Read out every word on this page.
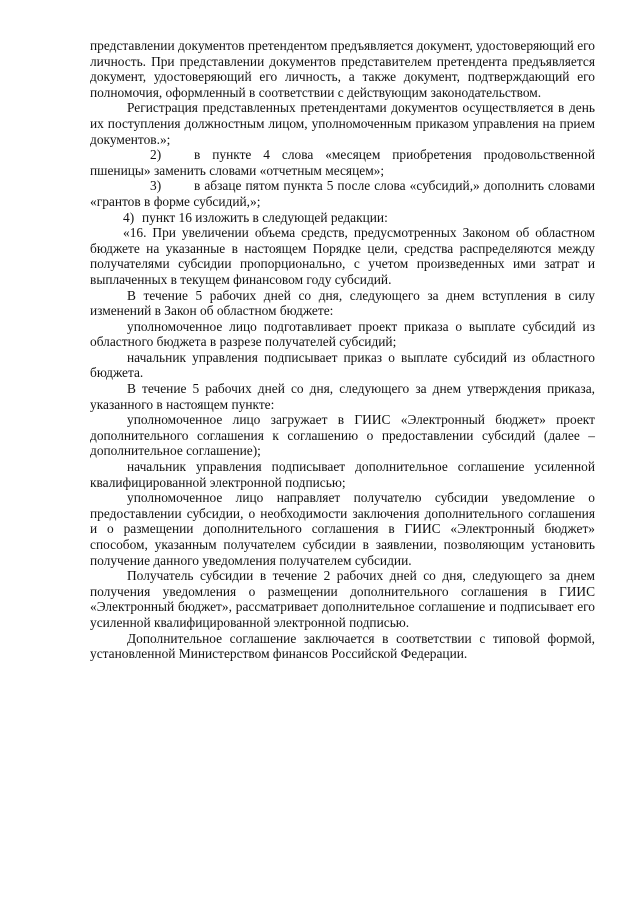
представлении документов претендентом предъявляется документ, удостоверяющий его личность. При представлении документов представителем претендента предъявляется документ, удостоверяющий его личность, а также документ, подтверждающий его полномочия, оформленный в соответствии с действующим законодательством.

Регистрация представленных претендентами документов осуществляется в день их поступления должностным лицом, уполномоченным приказом управления на прием документов.»;

2) в пункте 4 слова «месяцем приобретения продовольственной пшеницы» заменить словами «отчетным месяцем»;

3) в абзаце пятом пункта 5 после слова «субсидий,» дополнить словами «грантов в форме субсидий,»;

4) пункт 16 изложить в следующей редакции:

«16. При увеличении объема средств, предусмотренных Законом об областном бюджете на указанные в настоящем Порядке цели, средства распределяются между получателями субсидии пропорционально, с учетом произведенных ими затрат и выплаченных в текущем финансовом году субсидий.

В течение 5 рабочих дней со дня, следующего за днем вступления в силу изменений в Закон об областном бюджете:

уполномоченное лицо подготавливает проект приказа о выплате субсидий из областного бюджета в разрезе получателей субсидий;

начальник управления подписывает приказ о выплате субсидий из областного бюджета.

В течение 5 рабочих дней со дня, следующего за днем утверждения приказа, указанного в настоящем пункте:

уполномоченное лицо загружает в ГИИС «Электронный бюджет» проект дополнительного соглашения к соглашению о предоставлении субсидий (далее – дополнительное соглашение);

начальник управления подписывает дополнительное соглашение усиленной квалифицированной электронной подписью;

уполномоченное лицо направляет получателю субсидии уведомление о предоставлении субсидии, о необходимости заключения дополнительного соглашения и о размещении дополнительного соглашения в ГИИС «Электронный бюджет» способом, указанным получателем субсидии в заявлении, позволяющим установить получение данного уведомления получателем субсидии.

Получатель субсидии в течение 2 рабочих дней со дня, следующего за днем получения уведомления о размещении дополнительного соглашения в ГИИС «Электронный бюджет», рассматривает дополнительное соглашение и подписывает его усиленной квалифицированной электронной подписью.

Дополнительное соглашение заключается в соответствии с типовой формой, установленной Министерством финансов Российской Федерации.
